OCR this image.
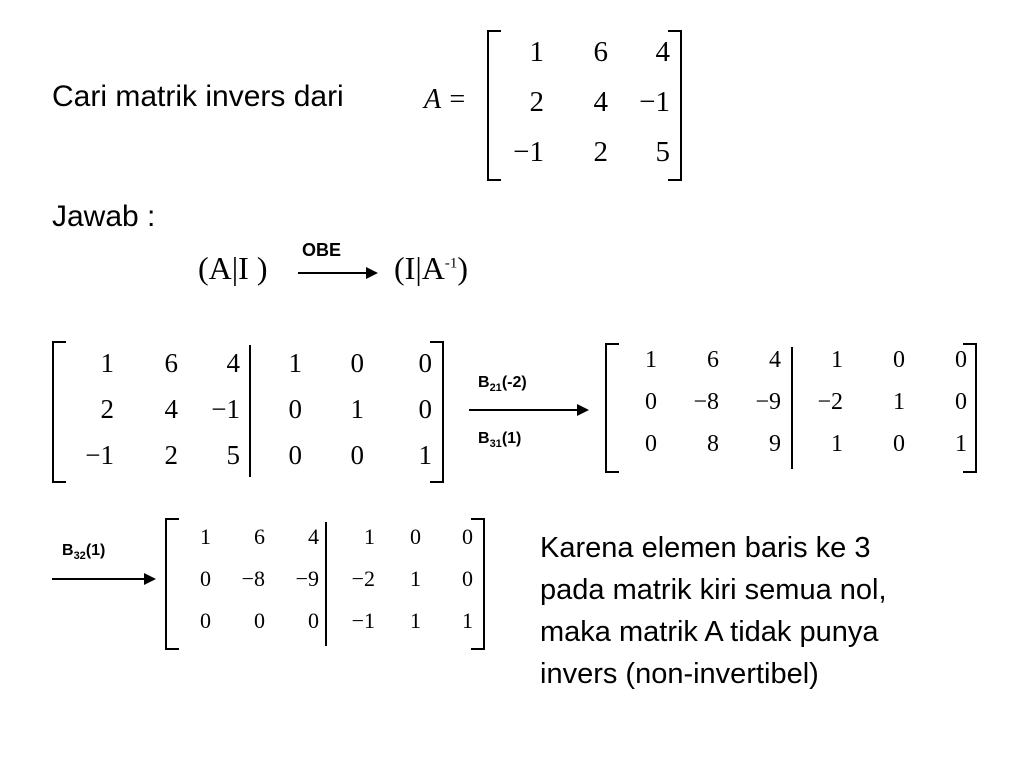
Cari matrik invers dari	A =
1	6	4
2	4	−1
−1	2	5
Jawab :
(A|I ) OBE $(I|A^{-1})$
1	6	4	1	0	0
2	4	−1	0	1	0
−1	2	5	0	0	1
$B_{21}(-2)$
$B_{31}(1)$
1	6	4	1	0	0
0	−8	−9	−2	1	0
0	8	9	1	0	1
$B_{32}(1)$
1	6	4	1	0	0
0	−8	−9	−2	1	0
0	0	0	−1	1	1
Karena elemen baris ke 3
pada matrik kiri semua nol,
maka matrik A tidak punya
invers (non-invertibel)
